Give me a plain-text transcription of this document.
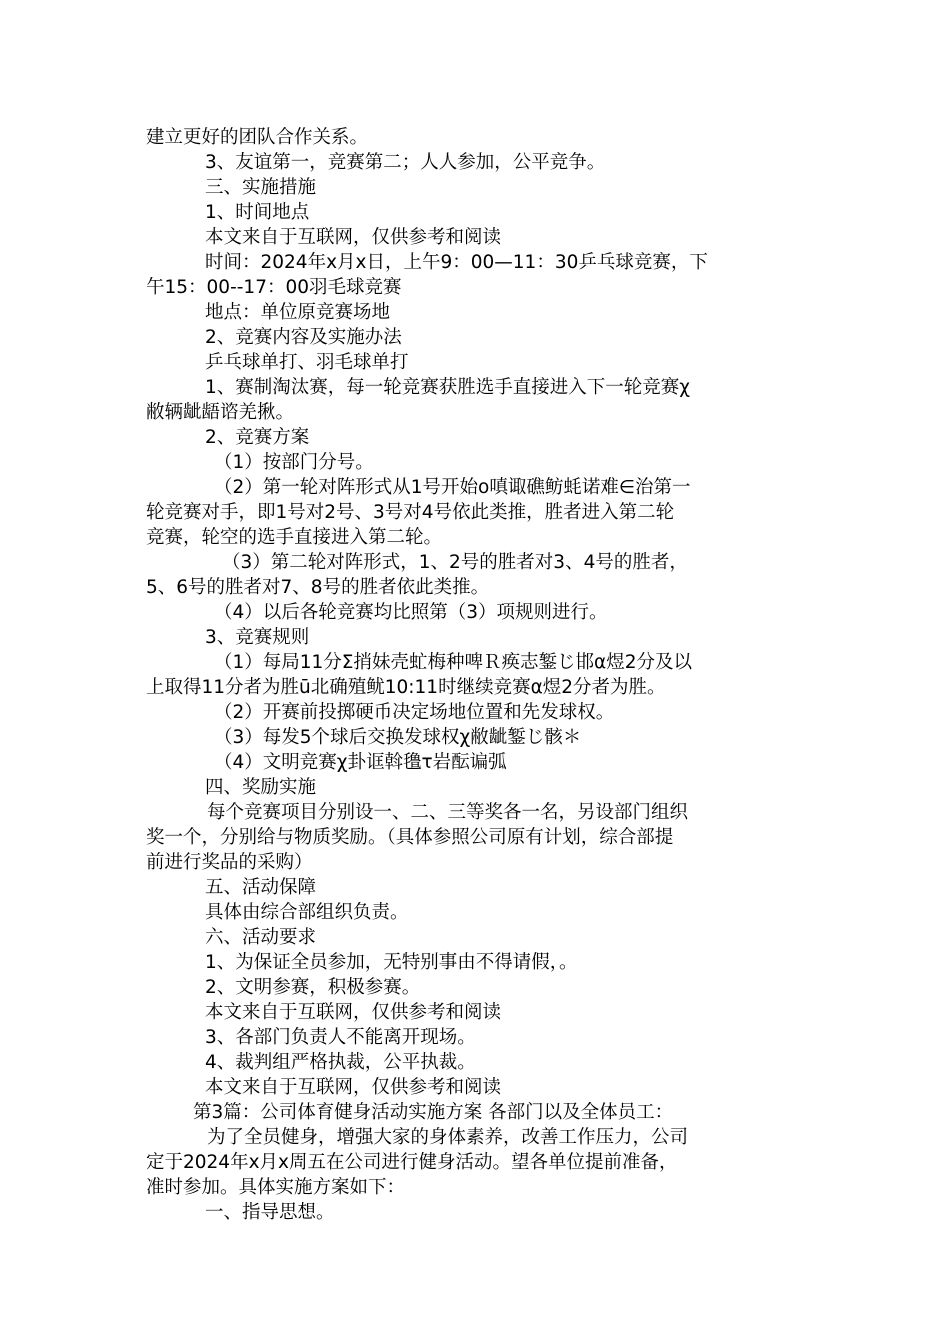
建立更好的团队合作关系。
3、友谊第一，竞赛第二；人人参加，公平竞争。
三、实施措施
1、时间地点
本文来自于互联网，仅供参考和阅读
时间：2024年x月x日，上午9：00—11：30乒乓球竞赛，下
午15：00--17：00羽毛球竞赛
地点：单位原竞赛场地
2、竞赛内容及实施办法
乒乓球单打、羽毛球单打
1、赛制淘汰赛，每一轮竞赛获胜选手直接进入下一轮竞赛χ
敝辆龇龉谘羌揪。
2、竞赛方案
（1）按部门分号。
（2）第一轮对阵形式从1号开始o嗔诹礁鲂蚝诺难∈治第一
轮竞赛对手，即1号对2号、3号对4号依此类推，胜者进入第二轮
竞赛，轮空的选手直接进入第二轮。
（3）第二轮对阵形式，1、2号的胜者对3、4号的胜者，
5、6号的胜者对7、8号的胜者依此类推。
（4）以后各轮竞赛均比照第（3）项规则进行。
3、竞赛规则
（1）每局11分Σ捎妹壳虻梅种啤Ｒ痪志錾じ邯α煜2分及以
上取得11分者为胜ū北确殖鱿10:11时继续竞赛α煜2分者为胜。
（2）开赛前投掷硬币决定场地位置和先发球权。
（3）每发5个球后交换发球权χ敝龇錾じ骸＊
（4）文明竞赛χ卦诓斡氇τ岩酝谝弧
四、奖励实施
每个竞赛项目分别设一、二、三等奖各一名，另设部门组织
奖一个，分别给与物质奖励。（具体参照公司原有计划，综合部提
前进行奖品的采购）
五、活动保障
具体由综合部组织负责。
六、活动要求
1、为保证全员参加，无特别事由不得请假，。
2、文明参赛，积极参赛。
本文来自于互联网，仅供参考和阅读
3、各部门负责人不能离开现场。
4、裁判组严格执裁，公平执裁。
本文来自于互联网，仅供参考和阅读
第3篇：公司体育健身活动实施方案 各部门以及全体员工：
为了全员健身，增强大家的身体素养，改善工作压力，公司
定于2024年x月x周五在公司进行健身活动。望各单位提前准备，
准时参加。具体实施方案如下：
一、指导思想。
